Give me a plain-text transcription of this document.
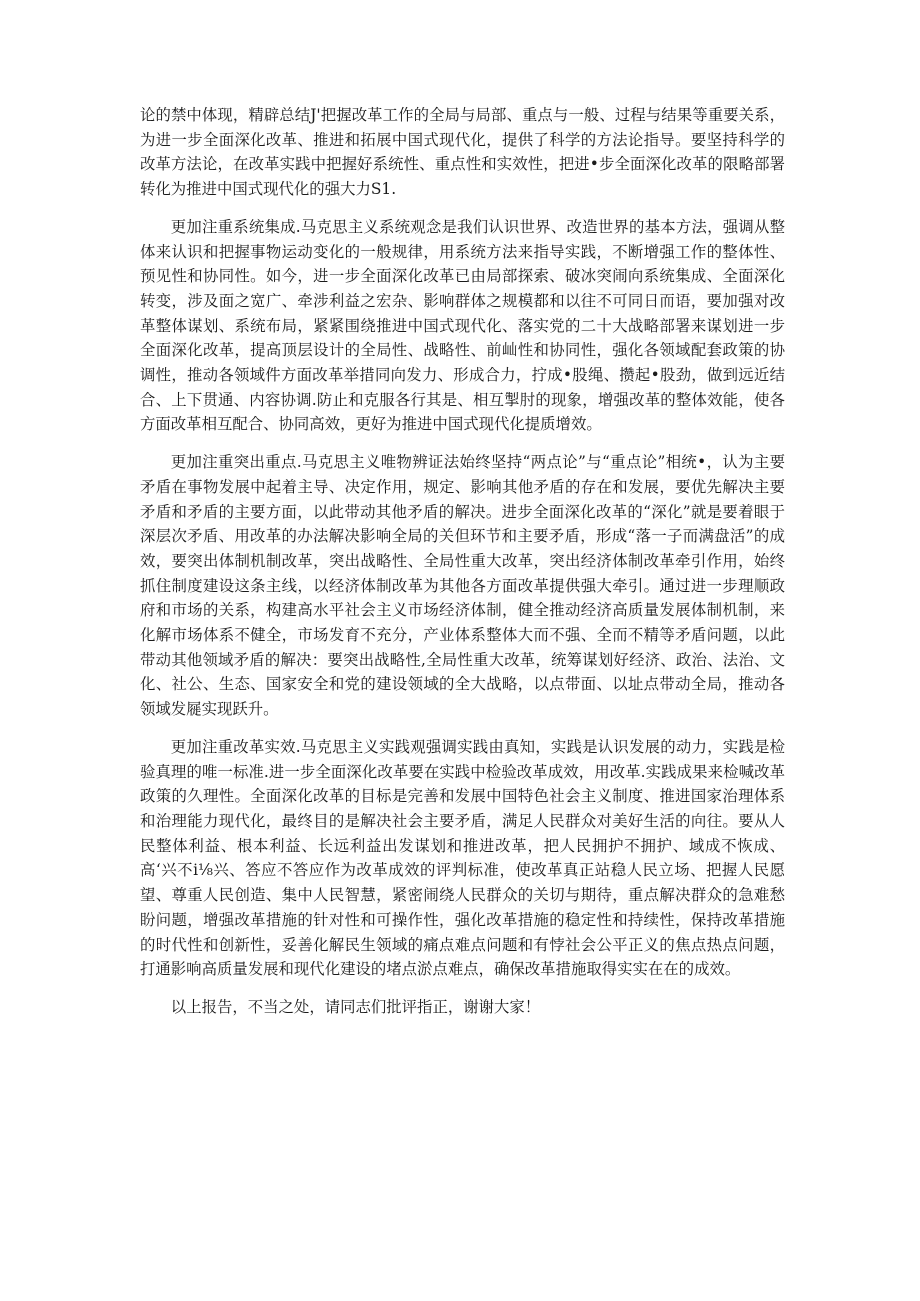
论的禁中体现，精辟总结J'把握改革工作的全局与局部、重点与一般、过程与结果等重要关系，为进一步全面深化改革、推进和拓展中国式现代化，提供了科学的方法论指导。要坚持科学的改革方法论，在改革实践中把握好系统性、重点性和实效性，把进•步全面深化改革的限略部署转化为推进中国式现代化的强大力S1.

更加注重系统集成.马克思主义系统观念是我们认识世界、改造世界的基本方法，强调从整体来认识和把握事物运动变化的一般规律，用系统方法来指导实践，不断增强工作的整体性、预见性和协同性。如今，进一步全面深化改革已由局部探索、破冰突闹向系统集成、全面深化转变，涉及面之宽广、牵涉利益之宏杂、影响群体之规模都和以往不可同日而语，要加强对改革整体谋划、系统布局，紧紧围绕推进中国式现代化、落实党的二十大战略部署来谋划进一步全面深化改革，提高顶层设计的全局性、战略性、前屾性和协同性，强化各领域配套政策的协调性，推动各领域件方面改革举措同向发力、形成合力，拧成•股绳、攒起•股劲，做到远近结合、上下贯通、内容协调.防止和克服各行其是、相互掣肘的现象，增强改革的整体效能，使各方面改革相互配合、协同高效，更好为推进中国式现代化提质增效。

更加注重突出重点.马克思主义唯物辨证法始终坚持“两点论”与“重点论”相统•，认为主要矛盾在事物发展中起着主导、决定作用，规定、影响其他矛盾的存在和发展，要优先解决主要矛盾和矛盾的主要方面，以此带动其他矛盾的解决。进步全面深化改革的“深化”就是要着眼于深层次矛盾、用改革的办法解决影响全局的关但环节和主要矛盾，形成“落一子而满盘活”的成效，要突出体制机制改革，突出战略性、全局性重大改革，突出经济体制改革牵引作用，始终抓住制度建设这条主线，以经济体制改革为其他各方面改革提供强大牵引。通过进一步理顺政府和市场的关系，构建高水平社会主义市场经济体制，健全推动经济高质量发展体制机制，来化解市场体系不健全，市场发育不充分，产业体系整体大而不强、全而不精等矛盾问题，以此带动其他领域矛盾的解决：要突出战略性,全局性重大改革，统筹谋划好经济、政治、法治、文化、社公、生态、国家安全和党的建设领域的全大战略，以点带面、以址点带动全局，推动各领域发屣实现跃升。

更加注重改革实效.马克思主义实践观强调实践由真知，实践是认识发展的动力，实践是检验真理的唯一标准.进一步全面深化改革要在实践中检验改革成效，用改革.实践成果来检喊改革政策的久理性。全面深化改革的目标是完善和发展中国特色社会主义制度、推进国家治理体系和治理能力现代化，最终目的是解决社会主要矛盾，满足人民群众对美好生活的向往。要从人民整体利益、根本利益、长远利益出发谋划和推进改革，把人民拥护不拥护、域成不恢成、高‘兴不i⅛兴、答应不答应作为改革成效的评判标准，使改革真正站稳人民立场、把握人民愿望、尊重人民创造、集中人民智慧，紧密闹绕人民群众的关切与期待，重点解决群众的急难愁盼问题，增强改革措施的针对性和可操作性，强化改革措施的稳定性和持续性，保持改革措施的时代性和创新性，妥善化解民生领域的痛点难点问题和有悖社会公平正义的焦点热点问题，打通影响高质量发展和现代化建设的堵点淤点难点，确保改革措施取得实实在在的成效。

以上报告，不当之处，请同志们批评指正，谢谢大家！
